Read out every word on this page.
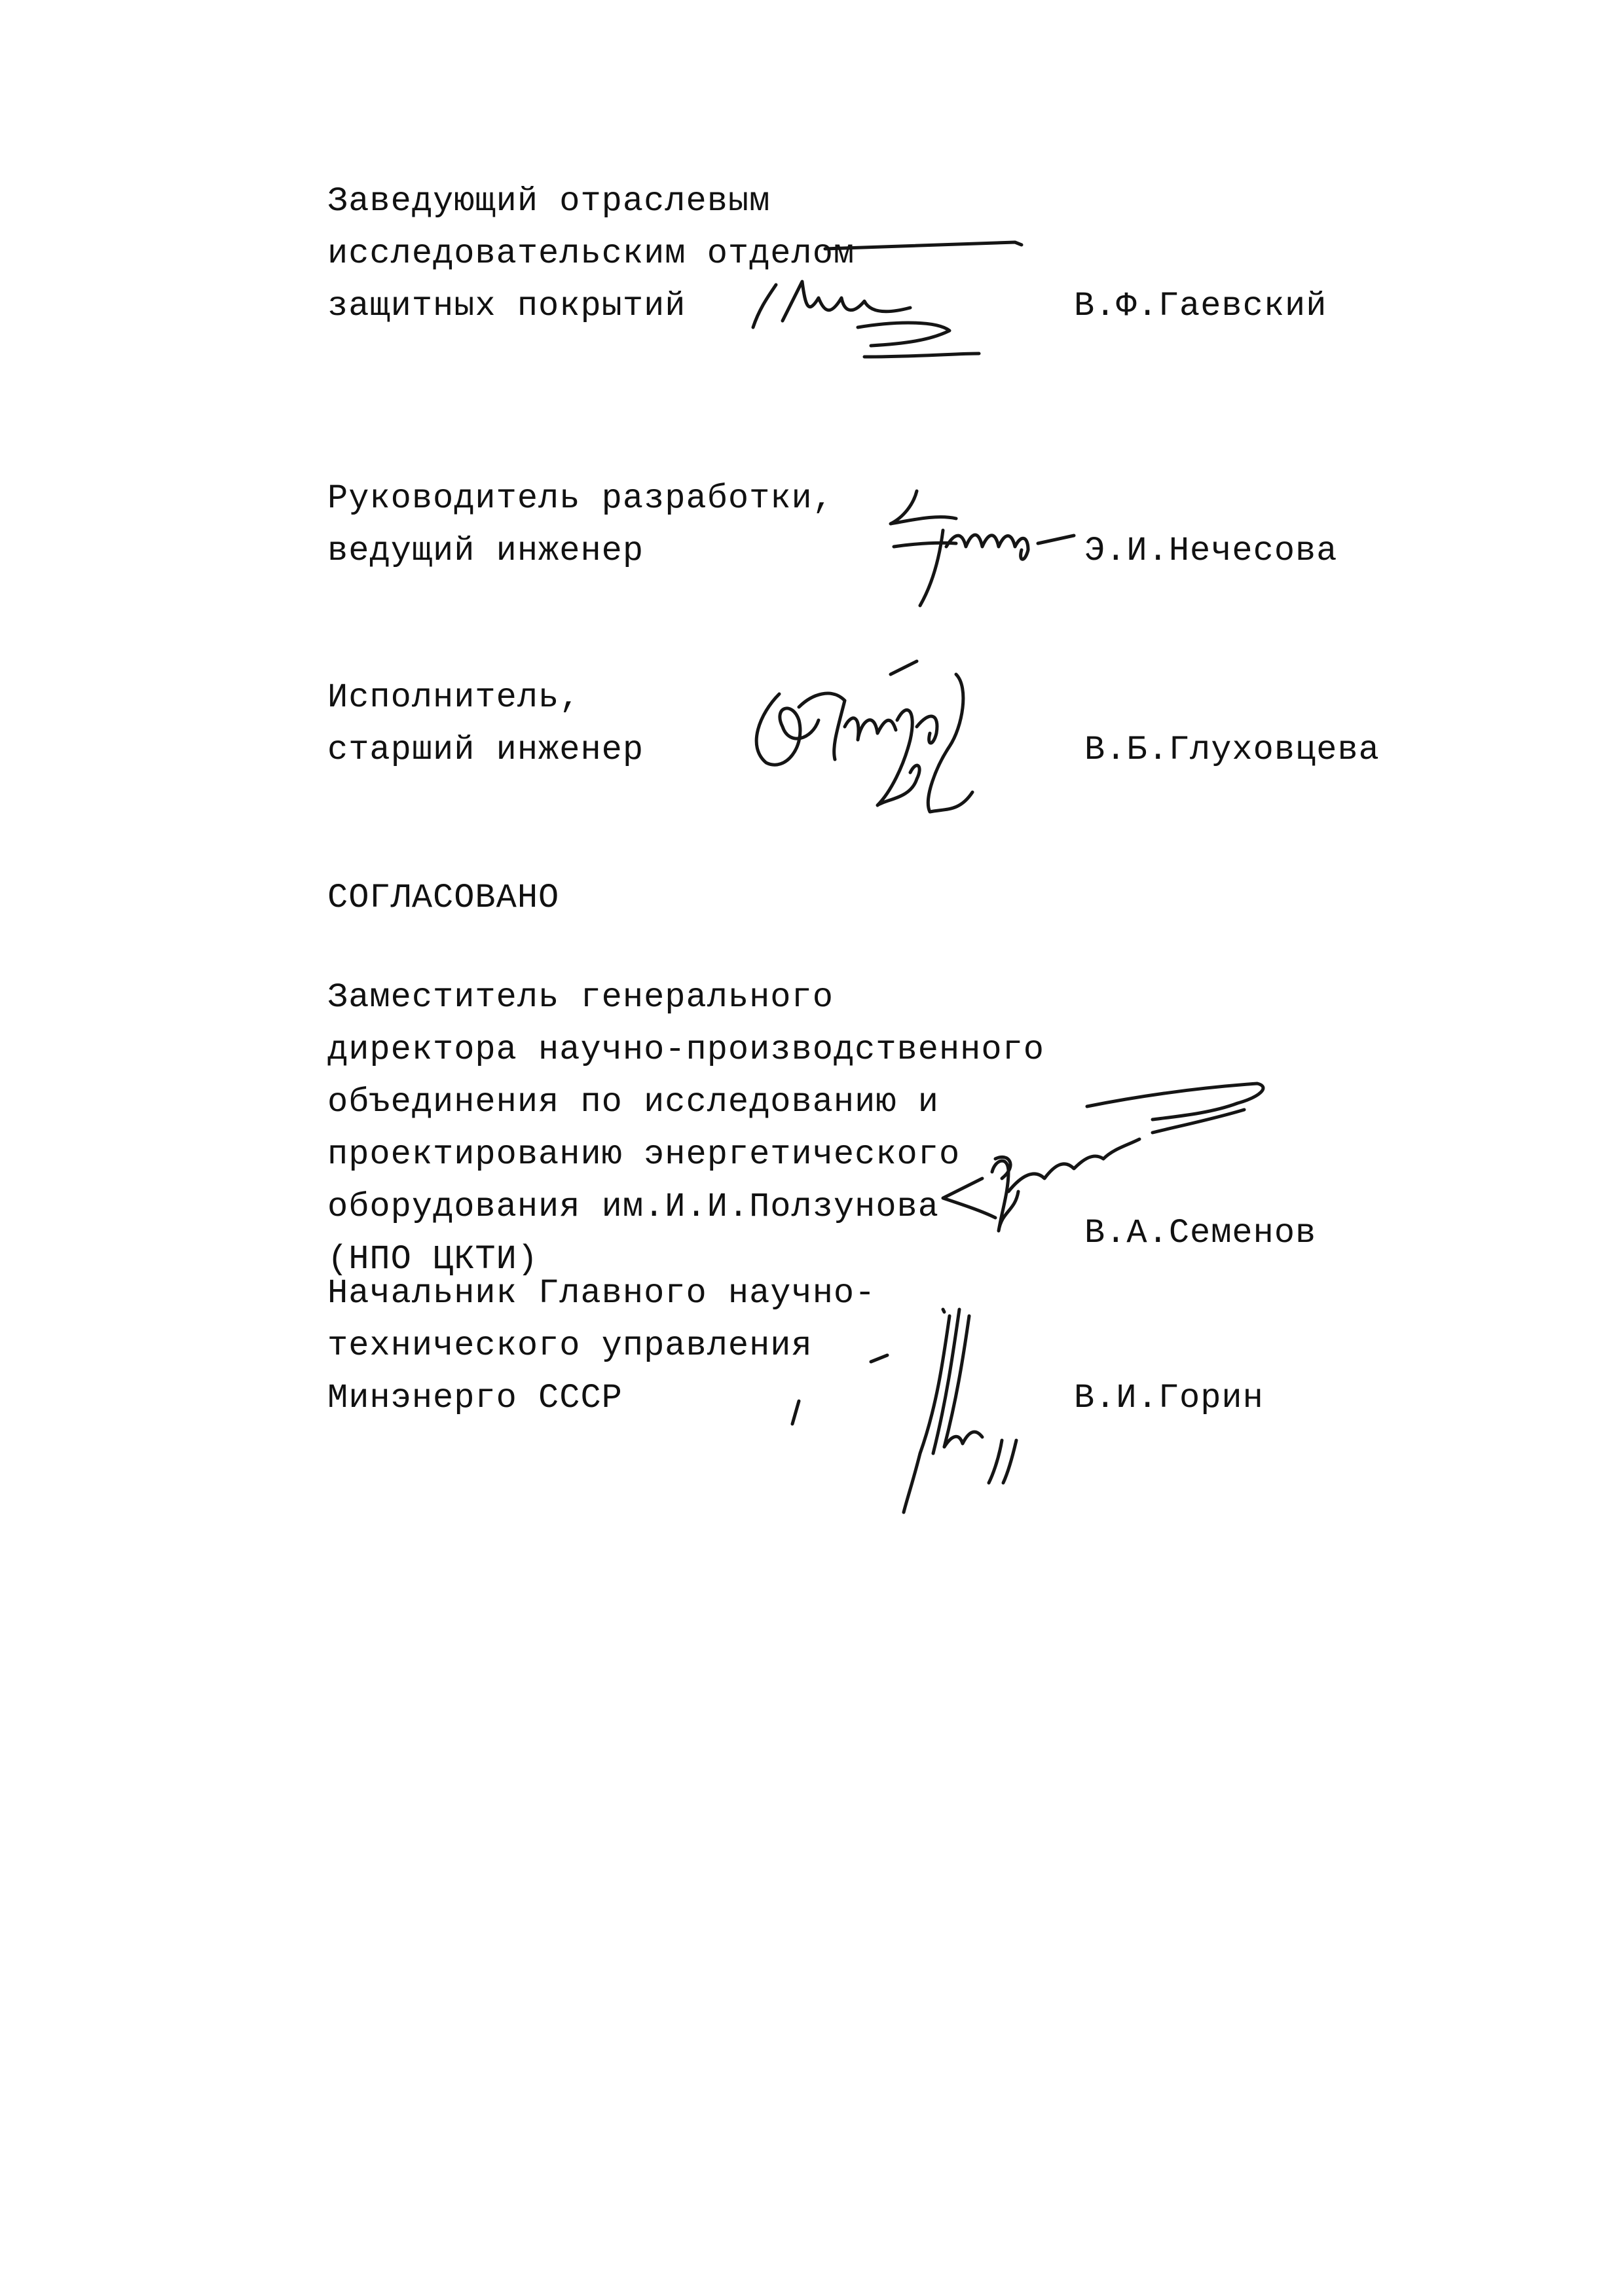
Заведующий отраслевым
исследовательским отделом
защитных покрытий	В.Ф.Гаевский
Руководитель разработки,
ведущий инженер	Э.И.Нечесова
Исполнитель,
старший инженер	В.Б.Глуховцева
СОГЛАСОВАНО
Заместитель генерального
директора научно-производственного
объединения по исследованию и
проектированию энергетического
оборудования им.И.И.Ползунова
(НПО ЦКТИ)
В.А.Семенов
Начальник Главного научно-
технического управления
Минэнерго СССР	В.И.Горин
